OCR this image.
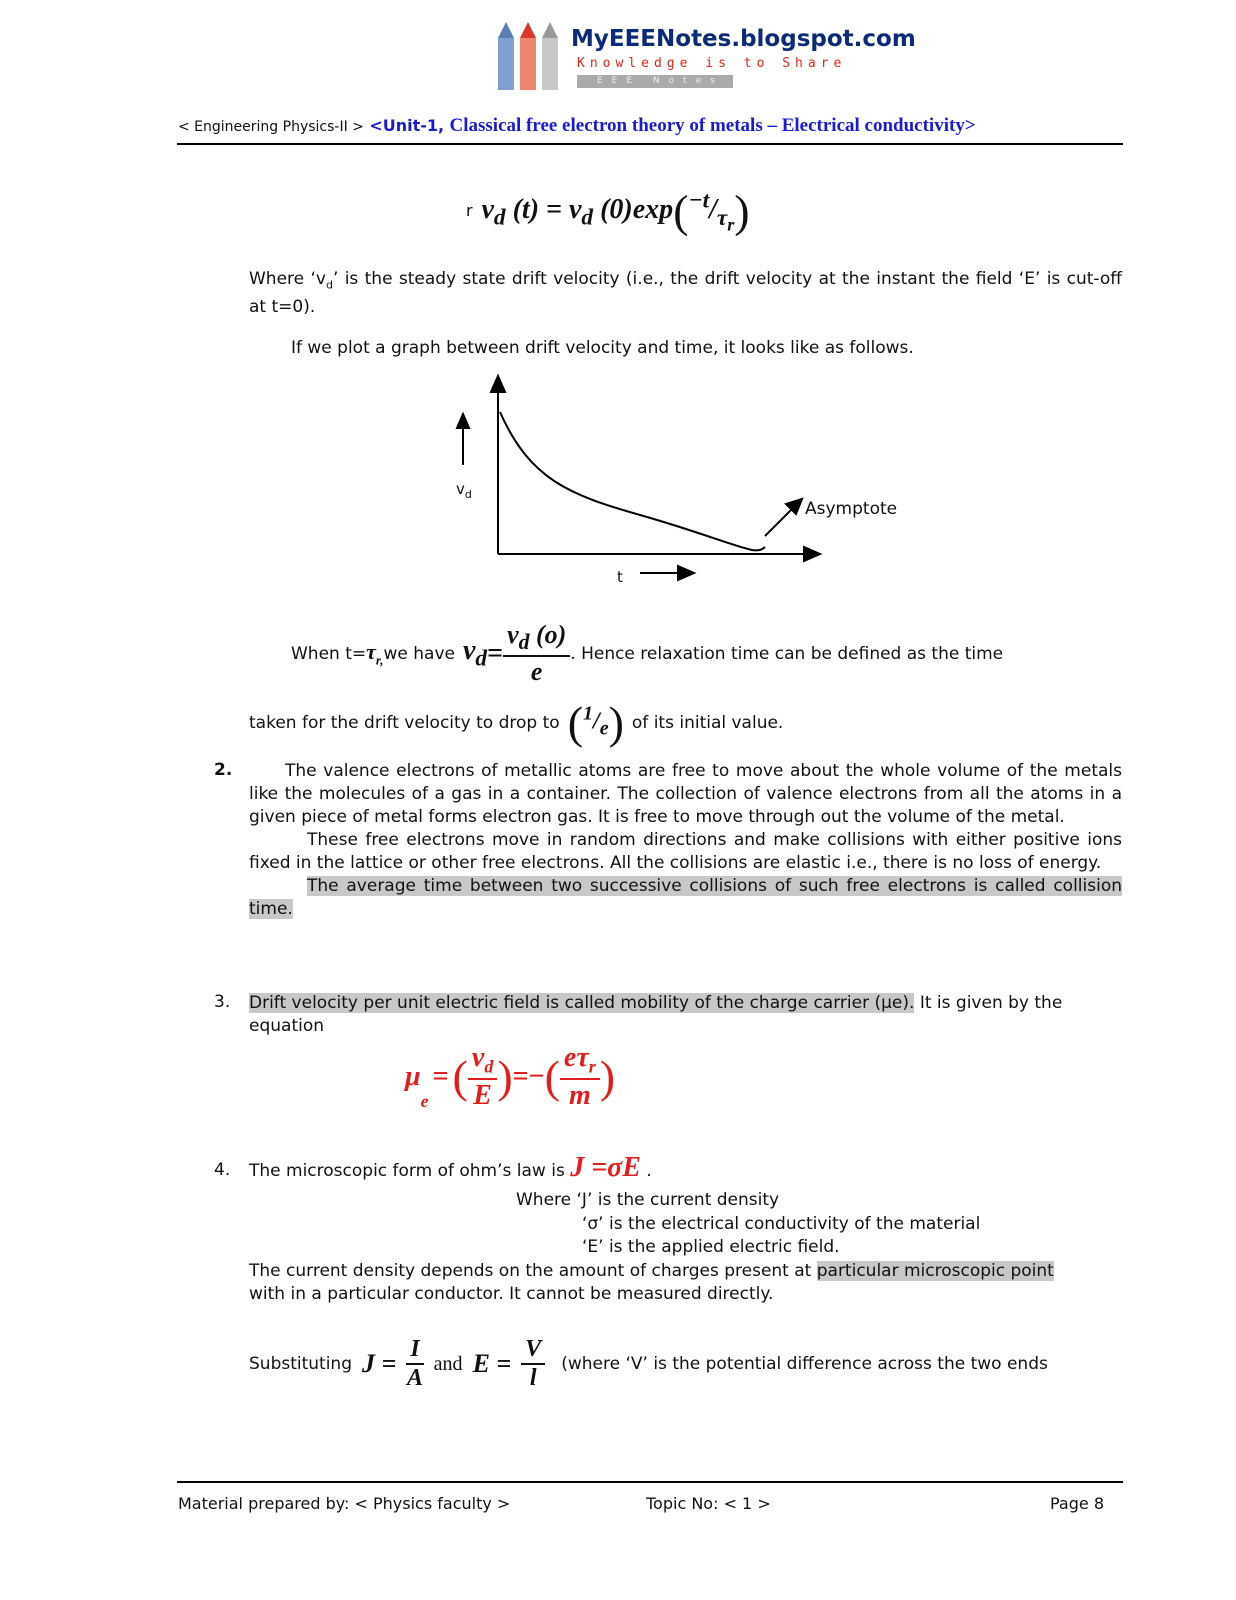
MyEEENotes.blogspot.com
Knowledge is to Share
EEE Notes
< Engineering Physics-II > <Unit-1, Classical free electron theory of metals – Electrical conductivity>
r $v_d$ $(t) = v_d$ $(0)\exp(^{-t}/_{\tau_r})$
Where ‘$v_d$’ is the steady state drift velocity (i.e., the drift velocity at the instant the field ‘E’ is cut-off at t=0).
If we plot a graph between drift velocity and time, it looks like as follows.
$v_d$
t
Asymptote
When $t= \tau_{r,}$ we have $v_d = \frac{v_d (o)}{e}$ . Hence relaxation time can be defined as the time
taken for the drift velocity to drop to $(^1/_e)$ of its initial value.
2.	The valence electrons of metallic atoms are free to move about the whole volume of the metals like the molecules of a gas in a container. The collection of valence electrons from all the atoms in a given piece of metal forms electron gas. It is free to move through out the volume of the metal.
These free electrons move in random directions and make collisions with either positive ions fixed in the lattice or other free electrons. All the collisions are elastic i.e., there is no loss of energy.
The average time between two successive collisions of such free electrons is called collision time.
3. Drift velocity per unit electric field is called mobility of the charge carrier (μe). It is given by the equation
μ
$_e$
= ( $\frac{v_d}{E}$ ) =− ( $\frac{e\tau_r}{m}$ )
4. The microscopic form of ohm’s law is J =σE .
Where ‘J’ is the current density
‘σ’ is the electrical conductivity of the material
‘E’ is the applied electric field.
The current density depends on the amount of charges present at particular microscopic point
with in a particular conductor. It cannot be measured directly.
Substituting $J = \frac{I}{A}$ and $E = \frac{V}{l}$ (where ‘V’ is the potential difference across the two ends
Material prepared by: < Physics faculty >	Topic No: < 1 >	Page 8
